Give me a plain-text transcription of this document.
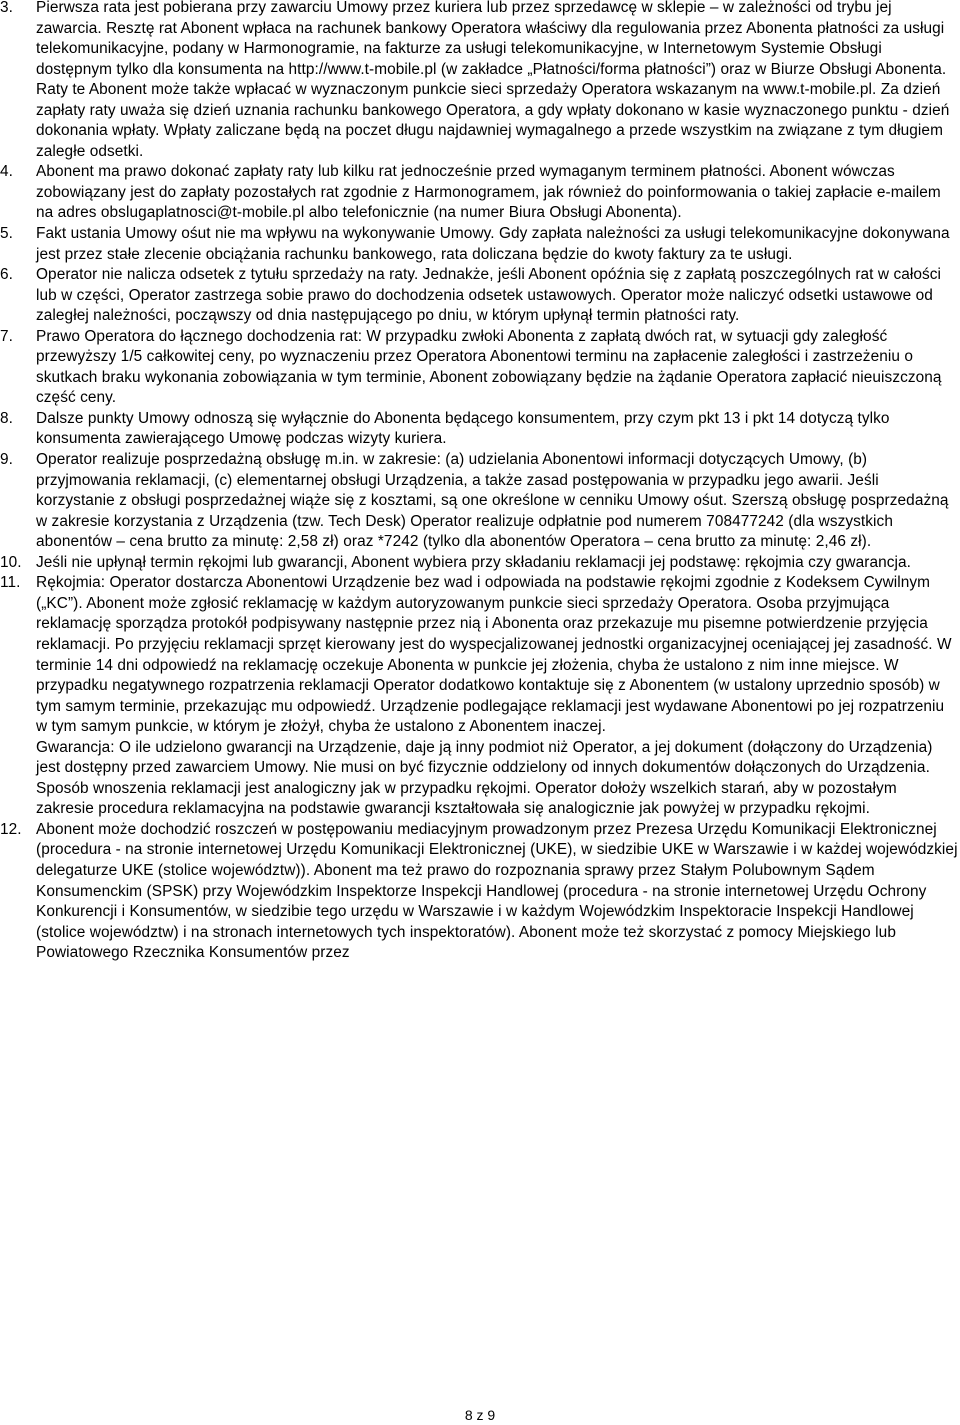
3.	Pierwsza rata jest pobierana przy zawarciu Umowy przez kuriera lub przez sprzedawcę w sklepie – w zależności od trybu jej zawarcia. Resztę rat Abonent wpłaca na rachunek bankowy Operatora właściwy dla regulowania przez Abonenta płatności za usługi telekomunikacyjne, podany w Harmonogramie, na fakturze za usługi telekomunikacyjne, w Internetowym Systemie Obsługi dostępnym tylko dla konsumenta na http://www.t-mobile.pl (w zakładce „Płatności/forma płatności”) oraz w Biurze Obsługi Abonenta. Raty te Abonent może także wpłacać w wyznaczonym punkcie sieci sprzedaży Operatora wskazanym na www.t-mobile.pl. Za dzień zapłaty raty uważa się dzień uznania rachunku bankowego Operatora, a gdy wpłaty dokonano w kasie wyznaczonego punktu - dzień dokonania wpłaty. Wpłaty zaliczane będą na poczet długu najdawniej wymagalnego a przede wszystkim na związane z tym długiem zaległe odsetki.
4.	Abonent ma prawo dokonać zapłaty raty lub kilku rat jednocześnie przed wymaganym terminem płatności. Abonent wówczas zobowiązany jest do zapłaty pozostałych rat zgodnie z Harmonogramem, jak również do poinformowania o takiej zapłacie e-mailem na adres obslugaplatnosci@t-mobile.pl albo telefonicznie (na numer Biura Obsługi Abonenta).
5.	Fakt ustania Umowy ośut nie ma wpływu na wykonywanie Umowy. Gdy zapłata należności za usługi telekomunikacyjne dokonywana jest przez stałe zlecenie obciążania rachunku bankowego, rata doliczana będzie do kwoty faktury za te usługi.
6.	Operator nie nalicza odsetek z tytułu sprzedaży na raty. Jednakże, jeśli Abonent opóźnia się z zapłatą poszczególnych rat w całości lub w części, Operator zastrzega sobie prawo do dochodzenia odsetek ustawowych. Operator może naliczyć odsetki ustawowe od zaległej należności, począwszy od dnia następującego po dniu, w którym upłynął termin płatności raty.
7.	Prawo Operatora do łącznego dochodzenia rat: W przypadku zwłoki Abonenta z zapłatą dwóch rat, w sytuacji gdy zaległość przewyższy 1/5 całkowitej ceny, po wyznaczeniu przez Operatora Abonentowi terminu na zapłacenie zaległości i zastrzeżeniu o skutkach braku wykonania zobowiązania w tym terminie, Abonent zobowiązany będzie na żądanie Operatora zapłacić nieuiszczoną część ceny.
8.	Dalsze punkty Umowy odnoszą się wyłącznie do Abonenta będącego konsumentem, przy czym pkt 13 i pkt 14 dotyczą tylko konsumenta zawierającego Umowę podczas wizyty kuriera.
9.	Operator realizuje posprzedażną obsługę m.in. w zakresie: (a) udzielania Abonentowi informacji dotyczących Umowy, (b) przyjmowania reklamacji, (c) elementarnej obsługi Urządzenia, a także zasad postępowania w przypadku jego awarii. Jeśli korzystanie z obsługi posprzedażnej wiąże się z kosztami, są one określone w cenniku Umowy ośut. Szerszą obsługę posprzedażną w zakresie korzystania z Urządzenia (tzw. Tech Desk) Operator realizuje odpłatnie pod numerem 708477242 (dla wszystkich abonentów – cena brutto za minutę: 2,58 zł) oraz *7242 (tylko dla abonentów Operatora – cena brutto za minutę: 2,46 zł).
10. Jeśli nie upłynął termin rękojmi lub gwarancji, Abonent wybiera przy składaniu reklamacji jej podstawę: rękojmia czy gwarancja.
11.	Rękojmia: Operator dostarcza Abonentowi Urządzenie bez wad i odpowiada na podstawie rękojmi zgodnie z Kodeksem Cywilnym („KC”). Abonent może zgłosić reklamację w każdym autoryzowanym punkcie sieci sprzedaży Operatora. Osoba przyjmująca reklamację sporządza protokół podpisywany następnie przez nią i Abonenta oraz przekazuje mu pisemne potwierdzenie przyjęcia reklamacji. Po przyjęciu reklamacji sprzęt kierowany jest do wyspecjalizowanej jednostki organizacyjnej oceniającej jej zasadność. W terminie 14 dni odpowiedź na reklamację oczekuje Abonenta w punkcie jej złożenia, chyba że ustalono z nim inne miejsce. W przypadku negatywnego rozpatrzenia reklamacji Operator dodatkowo kontaktuje się z Abonentem (w ustalony uprzednio sposób) w tym samym terminie, przekazując mu odpowiedź. Urządzenie podlegające reklamacji jest wydawane Abonentowi po jej rozpatrzeniu w tym samym punkcie, w którym je złożył, chyba że ustalono z Abonentem inaczej.
Gwarancja: O ile udzielono gwarancji na Urządzenie, daje ją inny podmiot niż Operator, a jej dokument (dołączony do Urządzenia) jest dostępny przed zawarciem Umowy. Nie musi on być fizycznie oddzielony od innych dokumentów dołączonych do Urządzenia. Sposób wnoszenia reklamacji jest analogiczny jak w przypadku rękojmi. Operator dołoży wszelkich starań, aby w pozostałym zakresie procedura reklamacyjna na podstawie gwarancji kształtowała się analogicznie jak powyżej w przypadku rękojmi.
12. Abonent może dochodzić roszczeń w postępowaniu mediacyjnym prowadzonym przez Prezesa Urzędu Komunikacji Elektronicznej (procedura - na stronie internetowej Urzędu Komunikacji Elektronicznej (UKE), w siedzibie UKE w Warszawie i w każdej wojewódzkiej delegaturze UKE (stolice województw)). Abonent ma też prawo do rozpoznania sprawy przez Stałym Polubownym Sądem Konsumenckim (SPSK) przy Wojewódzkim Inspektorze Inspekcji Handlowej (procedura - na stronie internetowej Urzędu Ochrony Konkurencji i Konsumentów, w siedzibie tego urzędu w Warszawie i w każdym Wojewódzkim Inspektoracie Inspekcji Handlowej (stolice województw) i na stronach internetowych tych inspektoratów). Abonent może też skorzystać z pomocy Miejskiego lub Powiatowego Rzecznika Konsumentów przez
8 z 9
